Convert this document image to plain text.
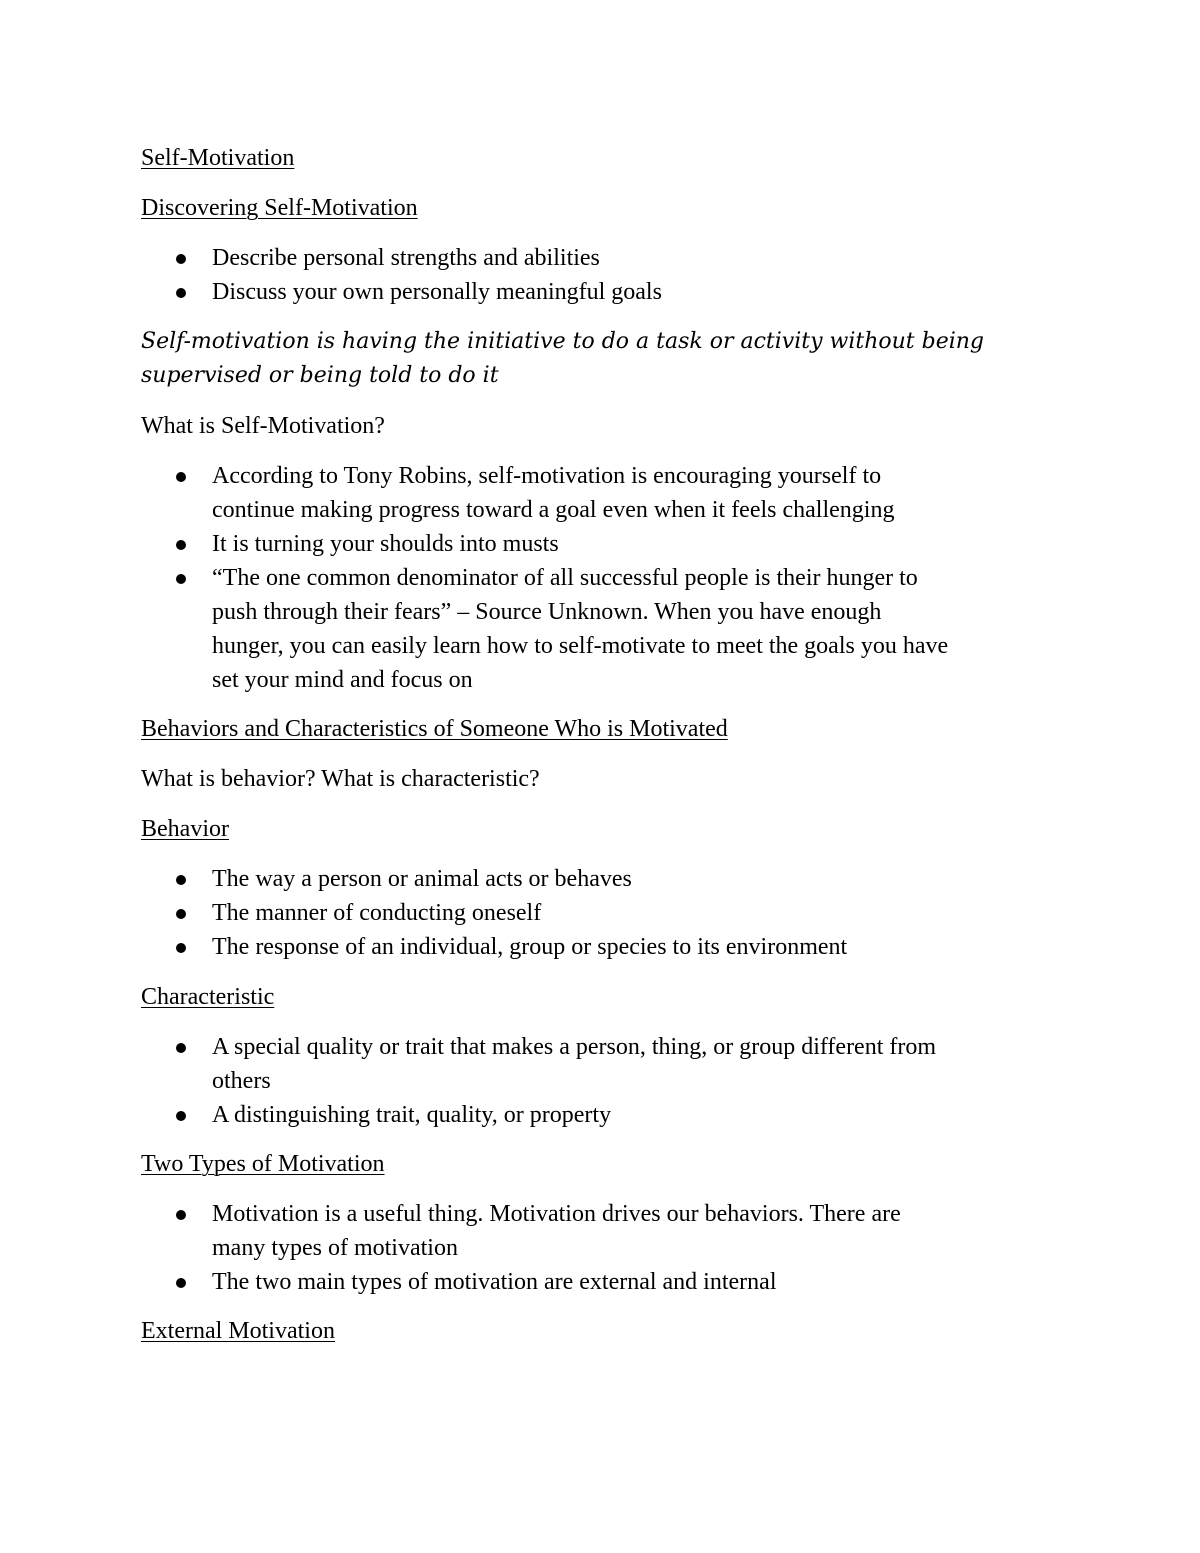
Self-Motivation
Discovering Self-Motivation
Describe personal strengths and abilities
Discuss your own personally meaningful goals
Self-motivation is having the initiative to do a task or activity without being
supervised or being told to do it
What is Self-Motivation?
According to Tony Robins, self-motivation is encouraging yourself to
continue making progress toward a goal even when it feels challenging
It is turning your shoulds into musts
“The one common denominator of all successful people is their hunger to
push through their fears” – Source Unknown. When you have enough
hunger, you can easily learn how to self-motivate to meet the goals you have
set your mind and focus on
Behaviors and Characteristics of Someone Who is Motivated
What is behavior? What is characteristic?
Behavior
The way a person or animal acts or behaves
The manner of conducting oneself
The response of an individual, group or species to its environment
Characteristic
A special quality or trait that makes a person, thing, or group different from
others
A distinguishing trait, quality, or property
Two Types of Motivation
Motivation is a useful thing. Motivation drives our behaviors. There are
many types of motivation
The two main types of motivation are external and internal
External Motivation
